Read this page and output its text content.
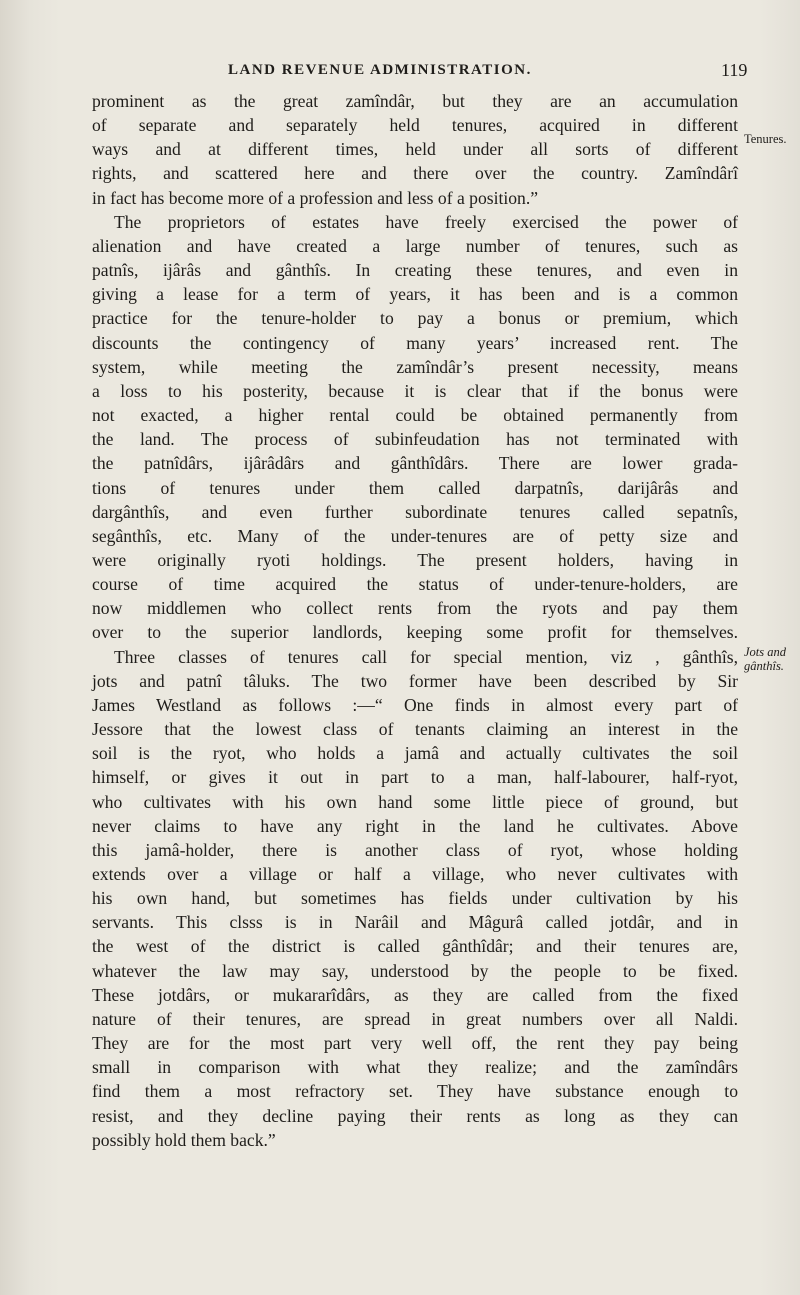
LAND REVENUE ADMINISTRATION.	119
Tenures.
Jots and
gânthîs.
prominent as the great zamîndâr, but they are an accumulation
of separate and separately held tenures, acquired in different
ways and at different times, held under all sorts of different
rights, and scattered here and there over the country. Zamîndârî
in fact has become more of a profession and less of a position.”
The proprietors of estates have freely exercised the power of
alienation and have created a large number of tenures, such as
patnîs, ijârâs and gânthîs. In creating these tenures, and even in
giving a lease for a term of years, it has been and is a common
practice for the tenure-holder to pay a bonus or premium, which
discounts the contingency of many years’ increased rent. The
system, while meeting the zamîndâr’s present necessity, means
a loss to his posterity, because it is clear that if the bonus were
not exacted, a higher rental could be obtained permanently from
the land. The process of subinfeudation has not terminated with
the patnîdârs, ijârâdârs and gânthîdârs. There are lower grada-
tions of tenures under them called darpatnîs, darijârâs and
dargânthîs, and even further subordinate tenures called sepatnîs,
segânthîs, etc. Many of the under-tenures are of petty size and
were originally ryoti holdings. The present holders, having in
course of time acquired the status of under-tenure-holders, are
now middlemen who collect rents from the ryots and pay them
over to the superior landlords, keeping some profit for themselves.
Three classes of tenures call for special mention, viz , gânthîs,
jots and patnî tâluks. The two former have been described by Sir
James Westland as follows :—“ One finds in almost every part of
Jessore that the lowest class of tenants claiming an interest in the
soil is the ryot, who holds a jamâ and actually cultivates the soil
himself, or gives it out in part to a man, half-labourer, half-ryot,
who cultivates with his own hand some little piece of ground, but
never claims to have any right in the land he cultivates. Above
this jamâ-holder, there is another class of ryot, whose holding
extends over a village or half a village, who never cultivates with
his own hand, but sometimes has fields under cultivation by his
servants. This clsss is in Narâil and Mâgurâ called jotdâr, and in
the west of the district is called gânthîdâr; and their tenures are,
whatever the law may say, understood by the people to be fixed.
These jotdârs, or mukararîdârs, as they are called from the fixed
nature of their tenures, are spread in great numbers over all Naldi.
They are for the most part very well off, the rent they pay being
small in comparison with what they realize; and the zamîndârs
find them a most refractory set. They have substance enough to
resist, and they decline paying their rents as long as they can
possibly hold them back.”
